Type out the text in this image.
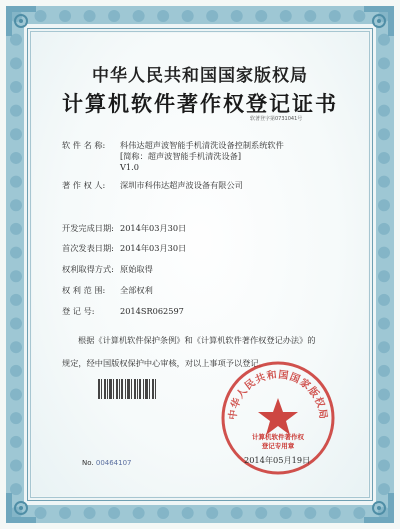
中华人民共和国国家版权局
计算机软件著作权登记证书
软著登字第0731041号
软 件 名 称: 科伟达超声波智能手机清洗设备控制系统软件
[简称：超声波智能手机清洗设备]
V1.0
著 作 权 人: 深圳市科伟达超声波设备有限公司
开发完成日期: 2014年03月30日
首次发表日期: 2014年03月30日
权利取得方式: 原始取得
权 利 范 围: 全部权利
登 记 号:	2014SR062597
根据《计算机软件保护条例》和《计算机软件著作权登记办法》的
规定，经中国版权保护中心审核，对以上事项予以登记。
中华人民共和国国家版权局
计算机软件著作权
登记专用章
No. 00464107	2014年05月19日
